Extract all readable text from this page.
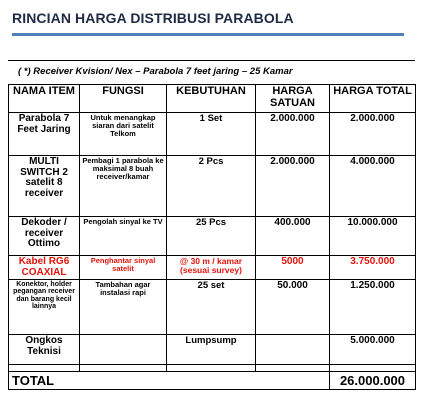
RINCIAN HARGA DISTRIBUSI PARABOLA
( *) Receiver Kvision/ Nex – Parabola 7 feet jaring – 25 Kamar
NAMA ITEM	FUNGSI	KEBUTUHAN	HARGA SATUAN	HARGA TOTAL
Parabola 7 Feet Jaring	Untuk menangkap siaran dari satelit Telkom	1 Set	2.000.000	2.000.000
MULTI SWITCH 2 satelit 8 receiver	Pembagi 1 parabola ke maksimal 8 buah receiver/kamar	2 Pcs	2.000.000	4.000.000
Dekoder / receiver Ottimo	Pengolah sinyal ke TV	25 Pcs	400.000	10.000.000
Kabel RG6 COAXIAL	Penghantar sinyal satelit	@ 30 m / kamar (sesuai survey)	5000	3.750.000
Konektor, holder pegangan receiver dan barang kecil lainnya	Tambahan agar instalasi rapi	25 set	50.000	1.250.000
Ongkos Teknisi		Lumpsump		5.000.000

TOTAL				26.000.000
